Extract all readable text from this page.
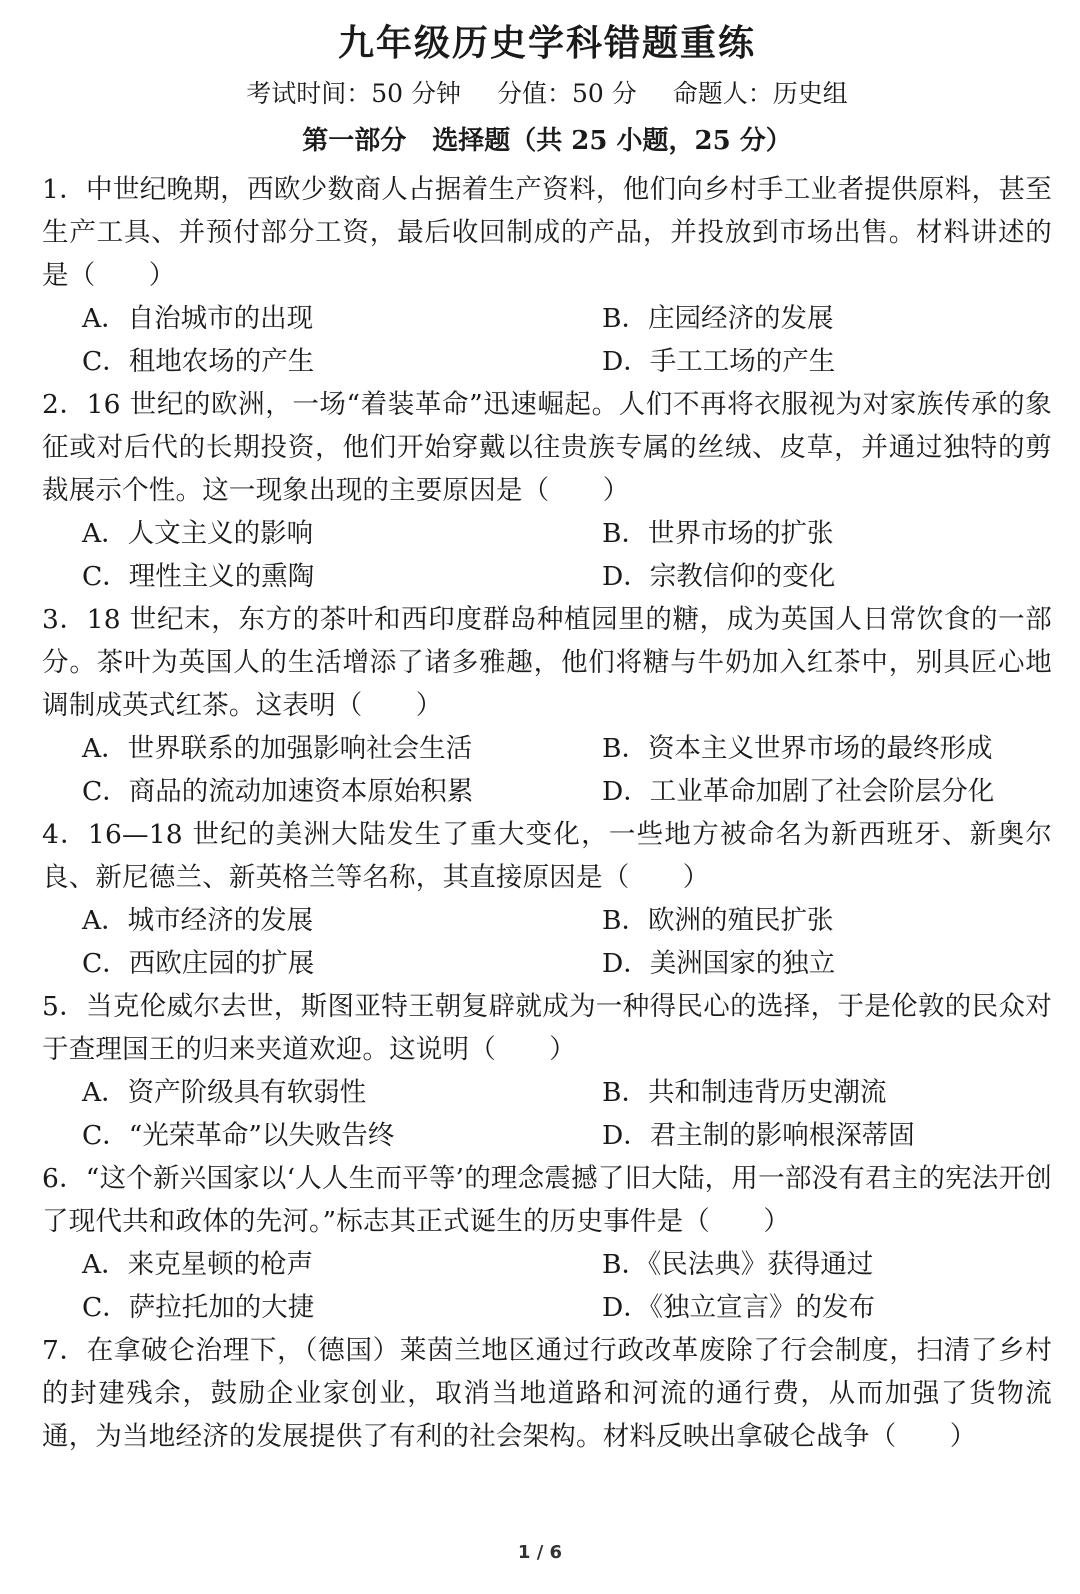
九年级历史学科错题重练
考试时间：50 分钟 分值：50 分 命题人：历史组
第一部分　选择题（共 25 小题，25 分）

1．中世纪晚期，西欧少数商人占据着生产资料，他们向乡村手工业者提供原料，甚至生产工具、并预付部分工资，最后收回制成的产品，并投放到市场出售。材料讲述的是（　　）

A．自治城市的出现	B．庄园经济的发展
C．租地农场的产生	D．手工工场的产生

2．16 世纪的欧洲，一场“着装革命”迅速崛起。人们不再将衣服视为对家族传承的象征或对后代的长期投资，他们开始穿戴以往贵族专属的丝绒、皮草，并通过独特的剪裁展示个性。这一现象出现的主要原因是（　　）

A．人文主义的影响	B．世界市场的扩张
C．理性主义的熏陶	D．宗教信仰的变化

3．18 世纪末，东方的茶叶和西印度群岛种植园里的糖，成为英国人日常饮食的一部分。茶叶为英国人的生活增添了诸多雅趣，他们将糖与牛奶加入红茶中，别具匠心地调制成英式红茶。这表明（　　）

A．世界联系的加强影响社会生活	B．资本主义世界市场的最终形成
C．商品的流动加速资本原始积累	D．工业革命加剧了社会阶层分化

4．16—18 世纪的美洲大陆发生了重大变化，一些地方被命名为新西班牙、新奥尔良、新尼德兰、新英格兰等名称，其直接原因是（　　）

A．城市经济的发展	B．欧洲的殖民扩张
C．西欧庄园的扩展	D．美洲国家的独立

5．当克伦威尔去世，斯图亚特王朝复辟就成为一种得民心的选择，于是伦敦的民众对于查理国王的归来夹道欢迎。这说明（　　）

A．资产阶级具有软弱性	B．共和制违背历史潮流
C．“光荣革命”以失败告终	D．君主制的影响根深蒂固

6．“这个新兴国家以‘人人生而平等’的理念震撼了旧大陆，用一部没有君主的宪法开创了现代共和政体的先河。”标志其正式诞生的历史事件是（　　）

A．来克星顿的枪声	B．《民法典》获得通过
C．萨拉托加的大捷	D．《独立宣言》的发布

7．在拿破仑治理下，（德国）莱茵兰地区通过行政改革废除了行会制度，扫清了乡村的封建残余，鼓励企业家创业，取消当地道路和河流的通行费，从而加强了货物流通，为当地经济的发展提供了有利的社会架构。材料反映出拿破仑战争（　　）

1 / 6
